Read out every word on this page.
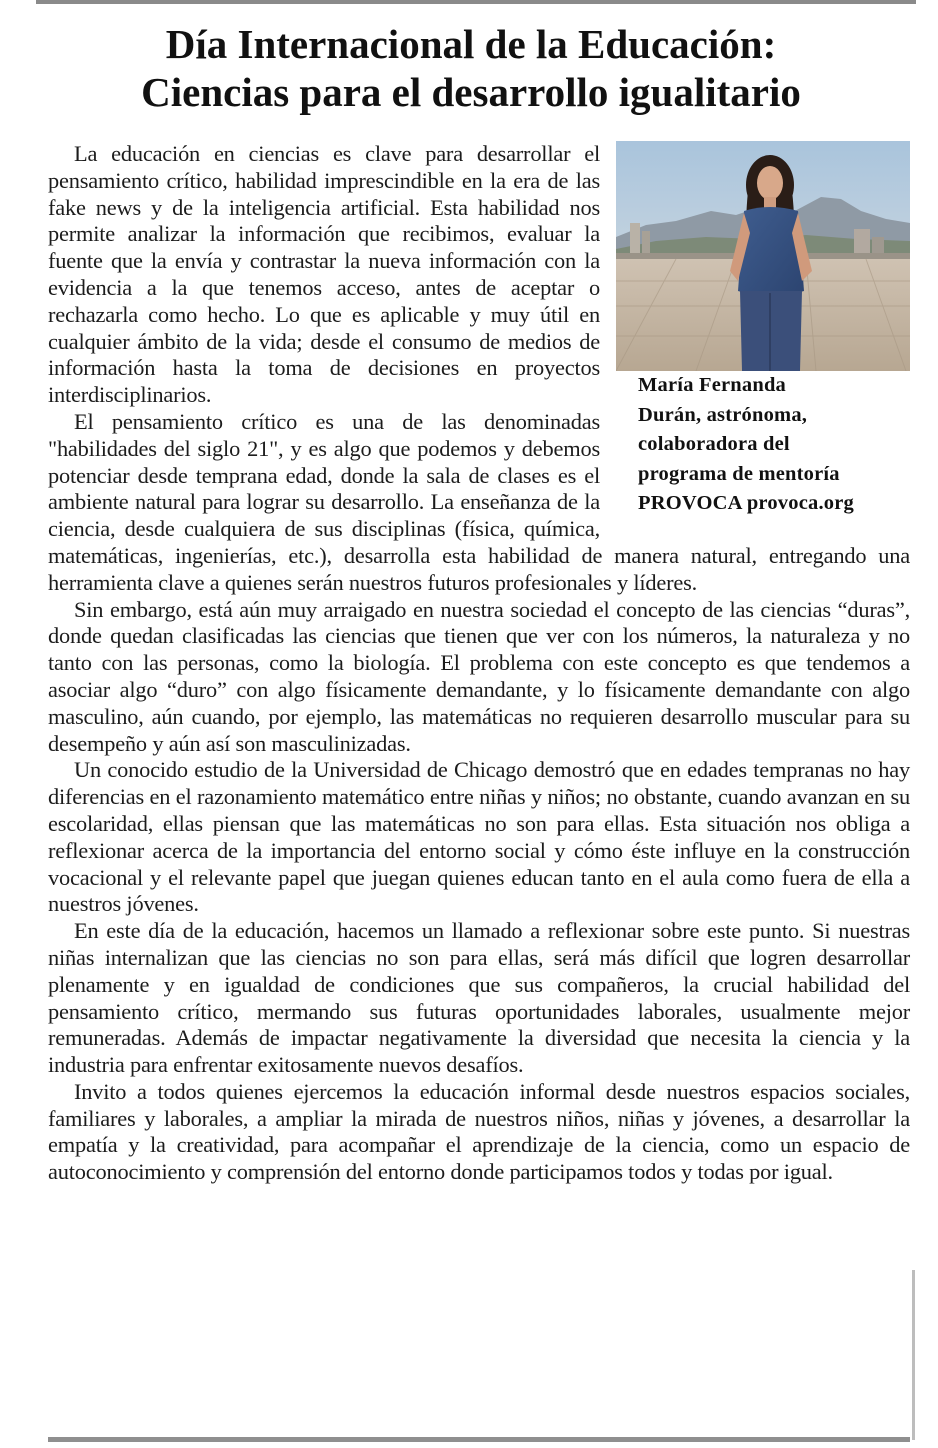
Día Internacional de la Educación:
Ciencias para el desarrollo igualitario

María Fernanda
Durán, astrónoma,
colaboradora del
programa de mentoría
PROVOCA provoca.org

La educación en ciencias es clave para desarrollar el pensamiento crítico, habilidad imprescindible en la era de las fake news y de la inteligencia artificial. Esta habilidad nos permite analizar la información que recibimos, evaluar la fuente que la envía y contrastar la nueva información con la evidencia a la que tenemos acceso, antes de aceptar o rechazarla como hecho. Lo que es aplicable y muy útil en cualquier ámbito de la vida; desde el consumo de medios de información hasta la toma de decisiones en proyectos interdisciplinarios.

El pensamiento crítico es una de las denominadas "habilidades del siglo 21", y es algo que podemos y debemos potenciar desde temprana edad, donde la sala de clases es el ambiente natural para lograr su desarrollo. La enseñanza de la ciencia, desde cualquiera de sus disciplinas (física, química, matemáticas, ingenierías, etc.), desarrolla esta habilidad de manera natural, entregando una herramienta clave a quienes serán nuestros futuros profesionales y líderes.

Sin embargo, está aún muy arraigado en nuestra sociedad el concepto de las ciencias “duras”, donde quedan clasificadas las ciencias que tienen que ver con los números, la naturaleza y no tanto con las personas, como la biología. El problema con este concepto es que tendemos a asociar algo “duro” con algo físicamente demandante, y lo físicamente demandante con algo masculino, aún cuando, por ejemplo, las matemáticas no requieren desarrollo muscular para su desempeño y aún así son masculinizadas.

Un conocido estudio de la Universidad de Chicago demostró que en edades tempranas no hay diferencias en el razonamiento matemático entre niñas y niños; no obstante, cuando avanzan en su escolaridad, ellas piensan que las matemáticas no son para ellas. Esta situación nos obliga a reflexionar acerca de la importancia del entorno social y cómo éste influye en la construcción vocacional y el relevante papel que juegan quienes educan tanto en el aula como fuera de ella a nuestros jóvenes.

En este día de la educación, hacemos un llamado a reflexionar sobre este punto. Si nuestras niñas internalizan que las ciencias no son para ellas, será más difícil que logren desarrollar plenamente y en igualdad de condiciones que sus compañeros, la crucial habilidad del pensamiento crítico, mermando sus futuras oportunidades laborales, usualmente mejor remuneradas. Además de impactar negativamente la diversidad que necesita la ciencia y la industria para enfrentar exitosamente nuevos desafíos.

Invito a todos quienes ejercemos la educación informal desde nuestros espacios sociales, familiares y laborales, a ampliar la mirada de nuestros niños, niñas y jóvenes, a desarrollar la empatía y la creatividad, para acompañar el aprendizaje de la ciencia, como un espacio de autoconocimiento y comprensión del entorno donde participamos todos y todas por igual.
